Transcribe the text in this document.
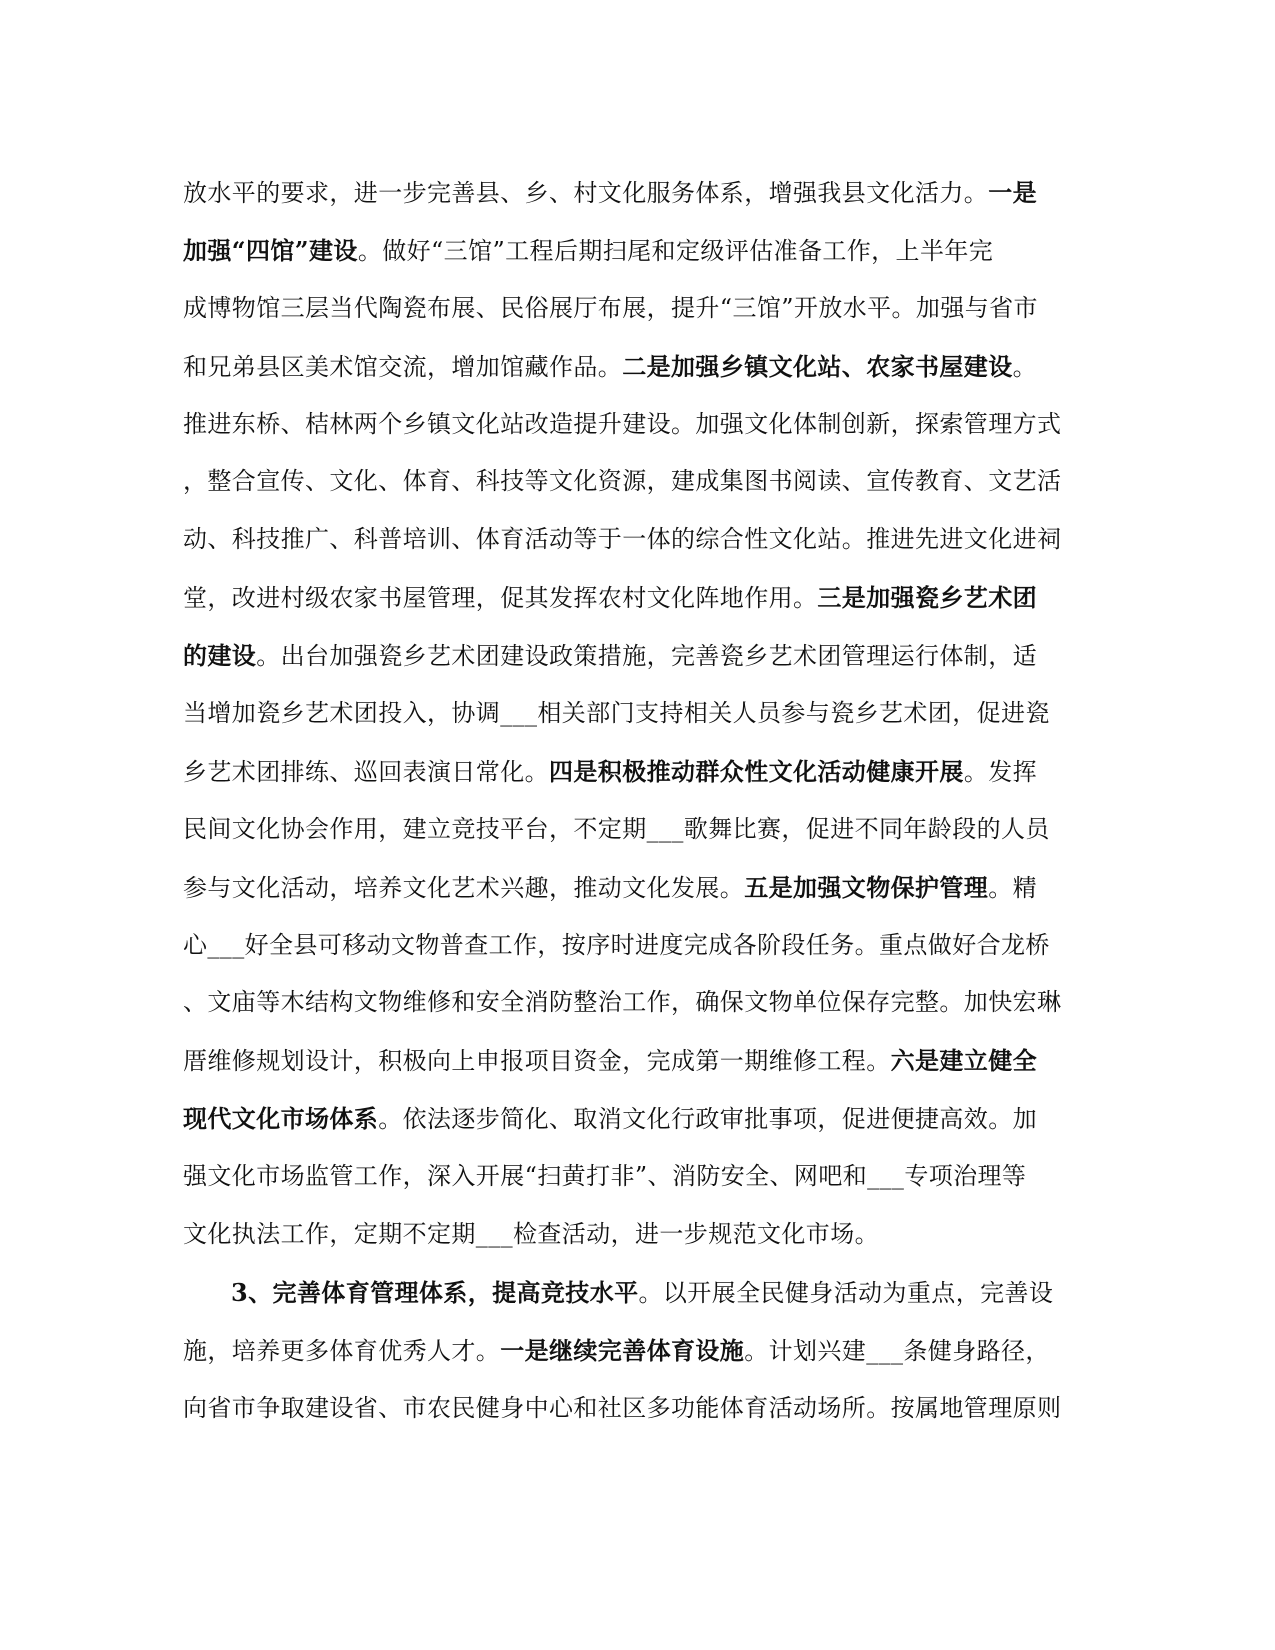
放水平的要求，进一步完善县、乡、村文化服务体系，增强我县文化活力。一是
加强“四馆”建设。做好“三馆”工程后期扫尾和定级评估准备工作，上半年完
成博物馆三层当代陶瓷布展、民俗展厅布展，提升“三馆”开放水平。加强与省市
和兄弟县区美术馆交流，增加馆藏作品。二是加强乡镇文化站、农家书屋建设。
推进东桥、桔林两个乡镇文化站改造提升建设。加强文化体制创新，探索管理方式
，整合宣传、文化、体育、科技等文化资源，建成集图书阅读、宣传教育、文艺活
动、科技推广、科普培训、体育活动等于一体的综合性文化站。推进先进文化进祠
堂，改进村级农家书屋管理，促其发挥农村文化阵地作用。三是加强瓷乡艺术团
的建设。出台加强瓷乡艺术团建设政策措施，完善瓷乡艺术团管理运行体制，适
当增加瓷乡艺术团投入，协调___相关部门支持相关人员参与瓷乡艺术团，促进瓷
乡艺术团排练、巡回表演日常化。四是积极推动群众性文化活动健康开展。发挥
民间文化协会作用，建立竞技平台，不定期___歌舞比赛，促进不同年龄段的人员
参与文化活动，培养文化艺术兴趣，推动文化发展。五是加强文物保护管理。精
心___好全县可移动文物普查工作，按序时进度完成各阶段任务。重点做好合龙桥
、文庙等木结构文物维修和安全消防整治工作，确保文物单位保存完整。加快宏琳
厝维修规划设计，积极向上申报项目资金，完成第一期维修工程。六是建立健全
现代文化市场体系。依法逐步简化、取消文化行政审批事项，促进便捷高效。加
强文化市场监管工作，深入开展“扫黄打非”、消防安全、网吧和___专项治理等
文化执法工作，定期不定期___检查活动，进一步规范文化市场。
3、完善体育管理体系，提高竞技水平。以开展全民健身活动为重点，完善设
施，培养更多体育优秀人才。一是继续完善体育设施。计划兴建___条健身路径，
向省市争取建设省、市农民健身中心和社区多功能体育活动场所。按属地管理原则
